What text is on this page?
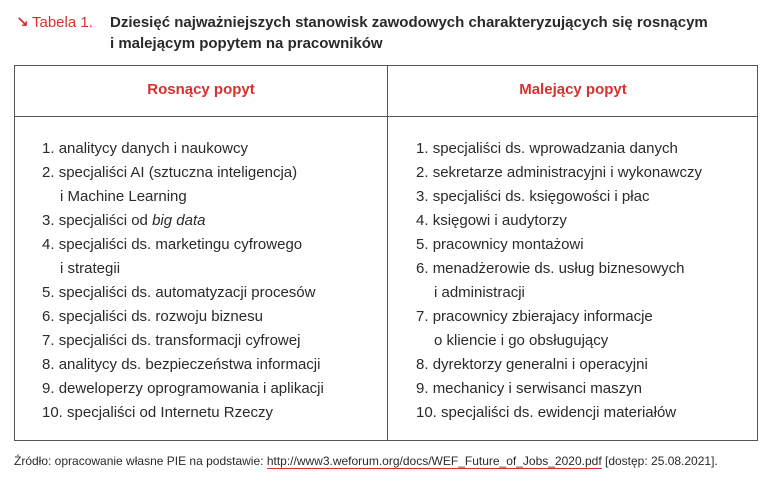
↘ Tabela 1. Dziesięć najważniejszych stanowisk zawodowych charakteryzujących się rosnącym
i malejącym popytem na pracowników
Rosnący popyt	Malejący popyt
1. analitycy danych i naukowcy
2. specjaliści AI (sztuczna inteligencja)
i Machine Learning
3. specjaliści od big data
4. specjaliści ds. marketingu cyfrowego
i strategii
5. specjaliści ds. automatyzacji procesów
6. specjaliści ds. rozwoju biznesu
7. specjaliści ds. transformacji cyfrowej
8. analitycy ds. bezpieczeństwa informacji
9. deweloperzy oprogramowania i aplikacji
10. specjaliści od Internetu Rzeczy
1. specjaliści ds. wprowadzania danych
2. sekretarze administracyjni i wykonawczy
3. specjaliści ds. księgowości i płac
4. księgowi i audytorzy
5. pracownicy montażowi
6. menadżerowie ds. usług biznesowych
i administracji
7. pracownicy zbierajacy informacje
o kliencie i go obsługujący
8. dyrektorzy generalni i operacyjni
9. mechanicy i serwisanci maszyn
10. specjaliści ds. ewidencji materiałów
Źródło: opracowanie własne PIE na podstawie: http://www3.weforum.org/docs/WEF_Future_of_Jobs_2020.pdf [dostęp: 25.08.2021].
